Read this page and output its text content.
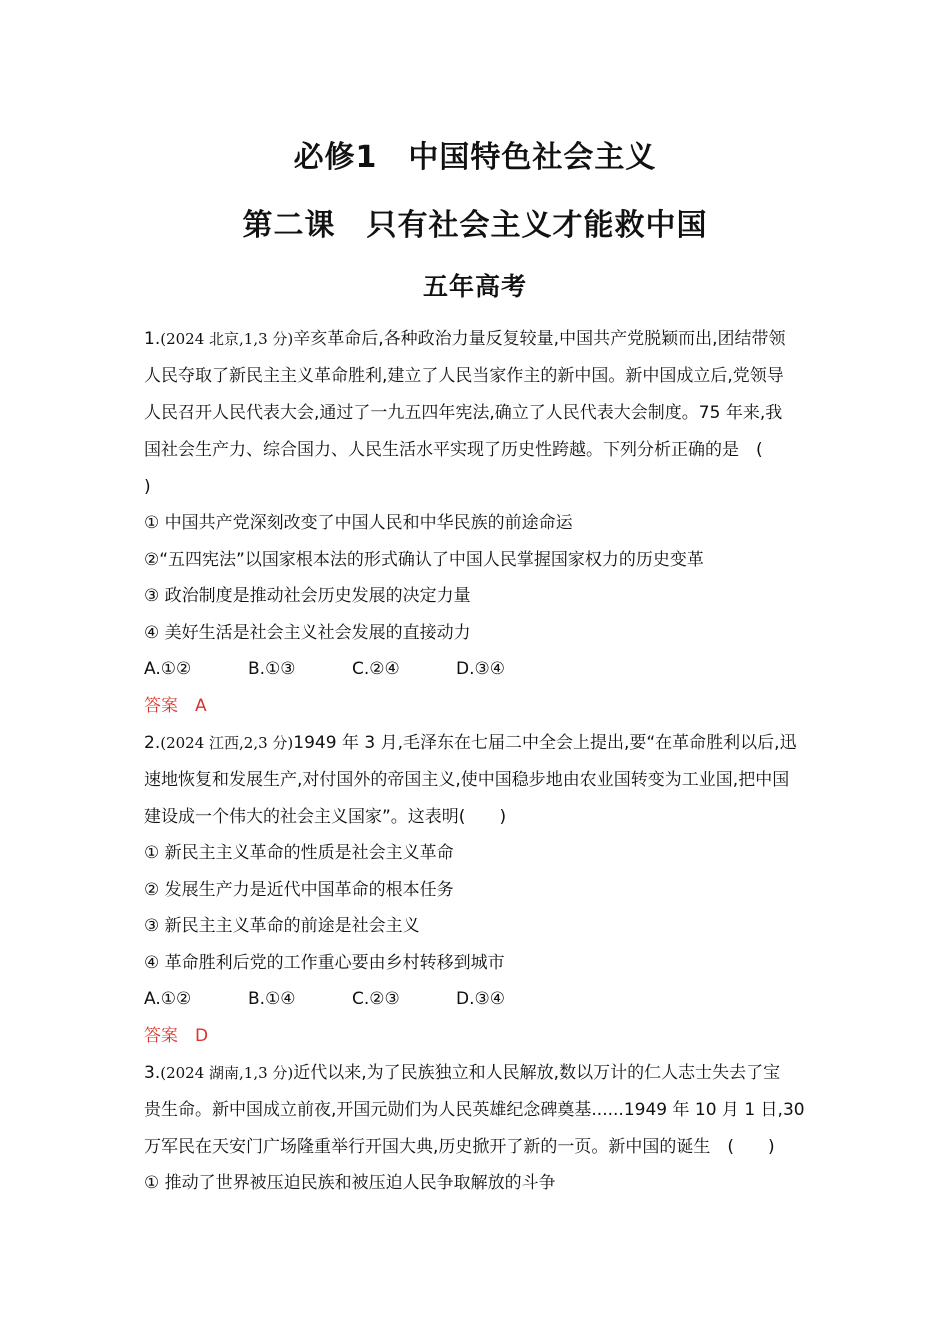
必修1　中国特色社会主义
第二课　只有社会主义才能救中国
五年高考
1.(2024 北京,1,3 分)辛亥革命后,各种政治力量反复较量,中国共产党脱颖而出,团结带领
人民夺取了新民主主义革命胜利,建立了人民当家作主的新中国。新中国成立后,党领导
人民召开人民代表大会,通过了一九五四年宪法,确立了人民代表大会制度。75 年来,我
国社会生产力、综合国力、人民生活水平实现了历史性跨越。下列分析正确的是　(
)
① 中国共产党深刻改变了中国人民和中华民族的前途命运
②“五四宪法”以国家根本法的形式确认了中国人民掌握国家权力的历史变革
③ 政治制度是推动社会历史发展的决定力量
④ 美好生活是社会主义社会发展的直接动力
A.①②	B.①③	C.②④	D.③④
答案　A
2.(2024 江西,2,3 分)1949 年 3 月,毛泽东在七届二中全会上提出,要“在革命胜利以后,迅
速地恢复和发展生产,对付国外的帝国主义,使中国稳步地由农业国转变为工业国,把中国
建设成一个伟大的社会主义国家”。这表明(　　)
① 新民主主义革命的性质是社会主义革命
② 发展生产力是近代中国革命的根本任务
③ 新民主主义革命的前途是社会主义
④ 革命胜利后党的工作重心要由乡村转移到城市
A.①②	B.①④	C.②③	D.③④
答案　D
3.(2024 湖南,1,3 分)近代以来,为了民族独立和人民解放,数以万计的仁人志士失去了宝
贵生命。新中国成立前夜,开国元勋们为人民英雄纪念碑奠基......1949 年 10 月 1 日,30
万军民在天安门广场隆重举行开国大典,历史掀开了新的一页。新中国的诞生　(　　)
① 推动了世界被压迫民族和被压迫人民争取解放的斗争
